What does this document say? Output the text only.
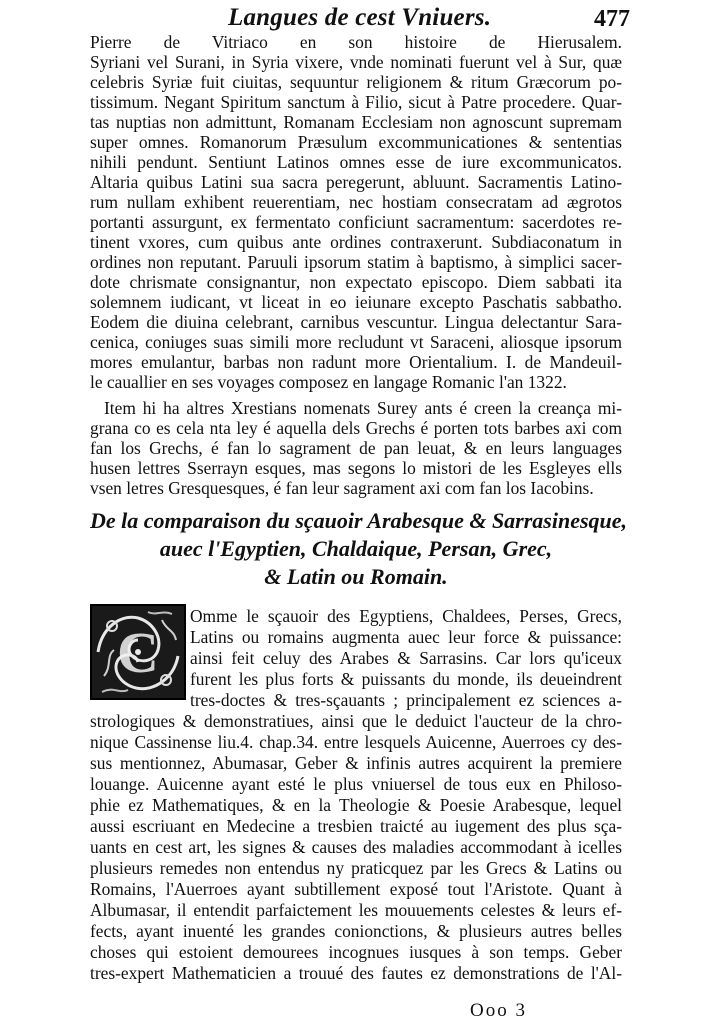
Langues de cest Vniuers.	477
Pierre de Vitriaco en son histoire de Hierusalem.
Syriani vel Surani, in Syria vixere, vnde nominati fuerunt vel à Sur, quæ
celebris Syriæ fuit ciuitas, sequuntur religionem & ritum Græcorum po-
tissimum. Negant Spiritum sanctum à Filio, sicut à Patre procedere. Quar-
tas nuptias non admittunt, Romanam Ecclesiam non agnoscunt supremam
super omnes. Romanorum Præsulum excommunicationes & sententias
nihili pendunt. Sentiunt Latinos omnes esse de iure excommunicatos.
Altaria quibus Latini sua sacra peregerunt, abluunt. Sacramentis Latino-
rum nullam exhibent reuerentiam, nec hostiam consecratam ad ægrotos
portanti assurgunt, ex fermentato conficiunt sacramentum: sacerdotes re-
tinent vxores, cum quibus ante ordines contraxerunt. Subdiaconatum in
ordines non reputant. Paruuli ipsorum statim à baptismo, à simplici sacer-
dote chrismate consignantur, non expectato episcopo. Diem sabbati ita
solemnem iudicant, vt liceat in eo ieiunare excepto Paschatis sabbatho.
Eodem die diuina celebrant, carnibus vescuntur. Lingua delectantur Sara-
cenica, coniuges suas simili more recludunt vt Saraceni, aliosque ipsorum
mores emulantur, barbas non radunt more Orientalium. I. de Mandeuil-
le cauallier en ses voyages composez en langage Romanic l'an 1322.
Item hi ha altres Xrestians nomenats Surey ants é creen la creança mi-
grana co es cela nta ley é aquella dels Grechs é porten tots barbes axi com
fan los Grechs, é fan lo sagrament de pan leuat, & en leurs languages
husen lettres Sserrayn esques, mas segons lo mistori de les Esgleyes ells
vsen letres Gresquesques, é fan leur sagrament axi com fan los Iacobins.
De la comparaison du sçauoir Arabesque & Sarrasinesque,
auec l'Egyptien, Chaldaique, Persan, Grec,
& Latin ou Romain.
C
Omme le sçauoir des Egyptiens, Chaldees, Perses, Grecs,
Latins ou romains augmenta auec leur force & puissance:
ainsi feit celuy des Arabes & Sarrasins. Car lors qu'iceux
furent les plus forts & puissants du monde, ils deueindrent
tres-doctes & tres-sçauants ; principalement ez sciences a-
strologiques & demonstratiues, ainsi que le deduict l'aucteur de la chro-
nique Cassinense liu.4. chap.34. entre lesquels Auicenne, Auerroes cy des-
sus mentionnez, Abumasar, Geber & infinis autres acquirent la premiere
louange. Auicenne ayant esté le plus vniuersel de tous eux en Philoso-
phie ez Mathematiques, & en la Theologie & Poesie Arabesque, lequel
aussi escriuant en Medecine a tresbien traicté au iugement des plus sça-
uants en cest art, les signes & causes des maladies accommodant à icelles
plusieurs remedes non entendus ny praticquez par les Grecs & Latins ou
Romains, l'Auerroes ayant subtillement exposé tout l'Aristote. Quant à
Albumasar, il entendit parfaictement les mouuements celestes & leurs ef-
fects, ayant inuenté les grandes conionctions, & plusieurs autres belles
choses qui estoient demourees incognues iusques à son temps. Geber
tres-expert Mathematicien a trouué des fautes ez demonstrations de l'Al-
Ooo 3
